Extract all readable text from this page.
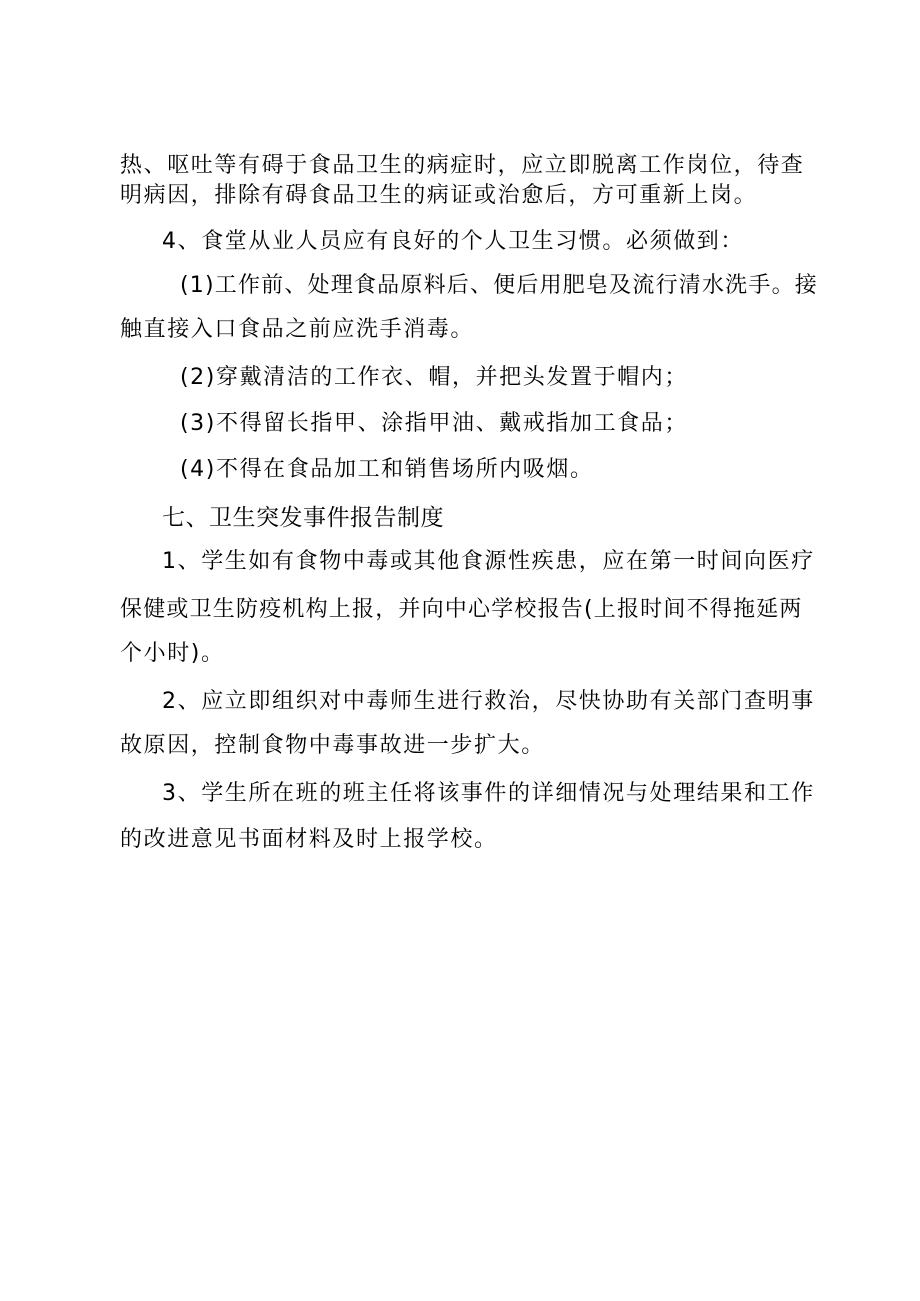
热、呕吐等有碍于食品卫生的病症时，应立即脱离工作岗位，待查
明病因，排除有碍食品卫生的病证或治愈后，方可重新上岗。
4、食堂从业人员应有良好的个人卫生习惯。必须做到：
(1)工作前、处理食品原料后、便后用肥皂及流行清水洗手。接
触直接入口食品之前应洗手消毒。
(2)穿戴清洁的工作衣、帽，并把头发置于帽内；
(3)不得留长指甲、涂指甲油、戴戒指加工食品；
(4)不得在食品加工和销售场所内吸烟。
七、卫生突发事件报告制度
1、学生如有食物中毒或其他食源性疾患，应在第一时间向医疗
保健或卫生防疫机构上报，并向中心学校报告(上报时间不得拖延两
个小时)。
2、应立即组织对中毒师生进行救治，尽快协助有关部门查明事
故原因，控制食物中毒事故进一步扩大。
3、学生所在班的班主任将该事件的详细情况与处理结果和工作
的改进意见书面材料及时上报学校。
